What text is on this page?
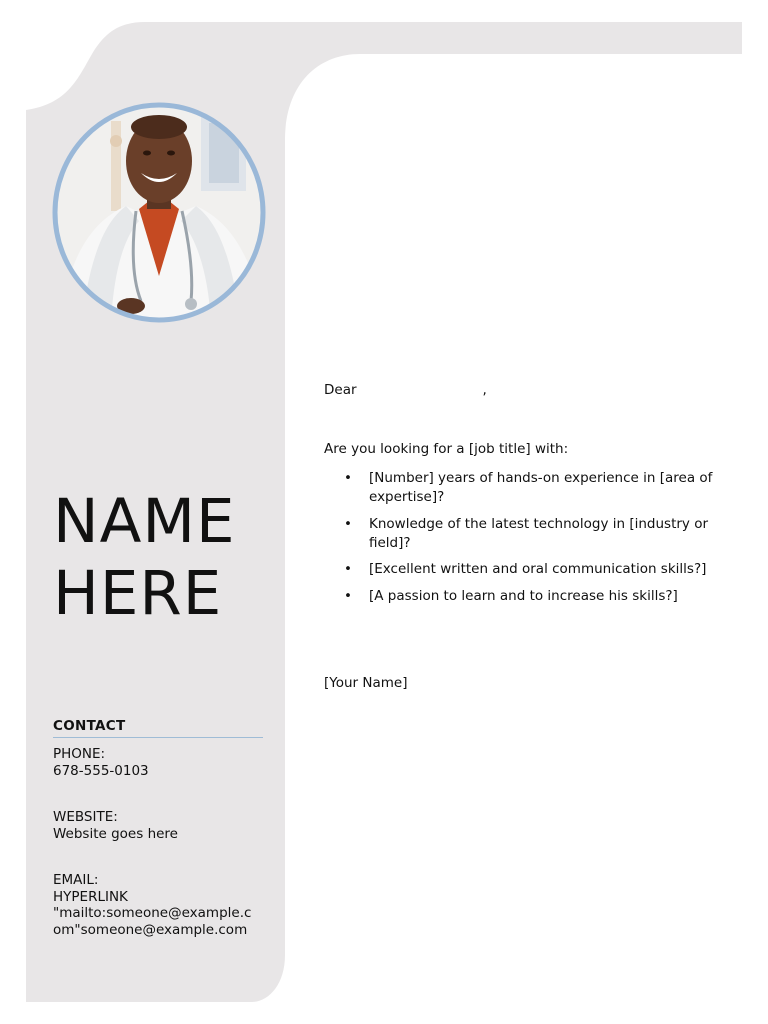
NAME
HERE
CONTACT
PHONE:
678-555-0103
WEBSITE:
Website goes here
EMAIL:
HYPERLINK
"mailto:someone@example.c
om"someone@example.com
Dear	,
Are you looking for a [job title] with:
• [Number] years of hands-on experience in [area of expertise]?
• Knowledge of the latest technology in [industry or field]?
• [Excellent written and oral communication skills?]
• [A passion to learn and to increase his skills?]
[Your Name]
